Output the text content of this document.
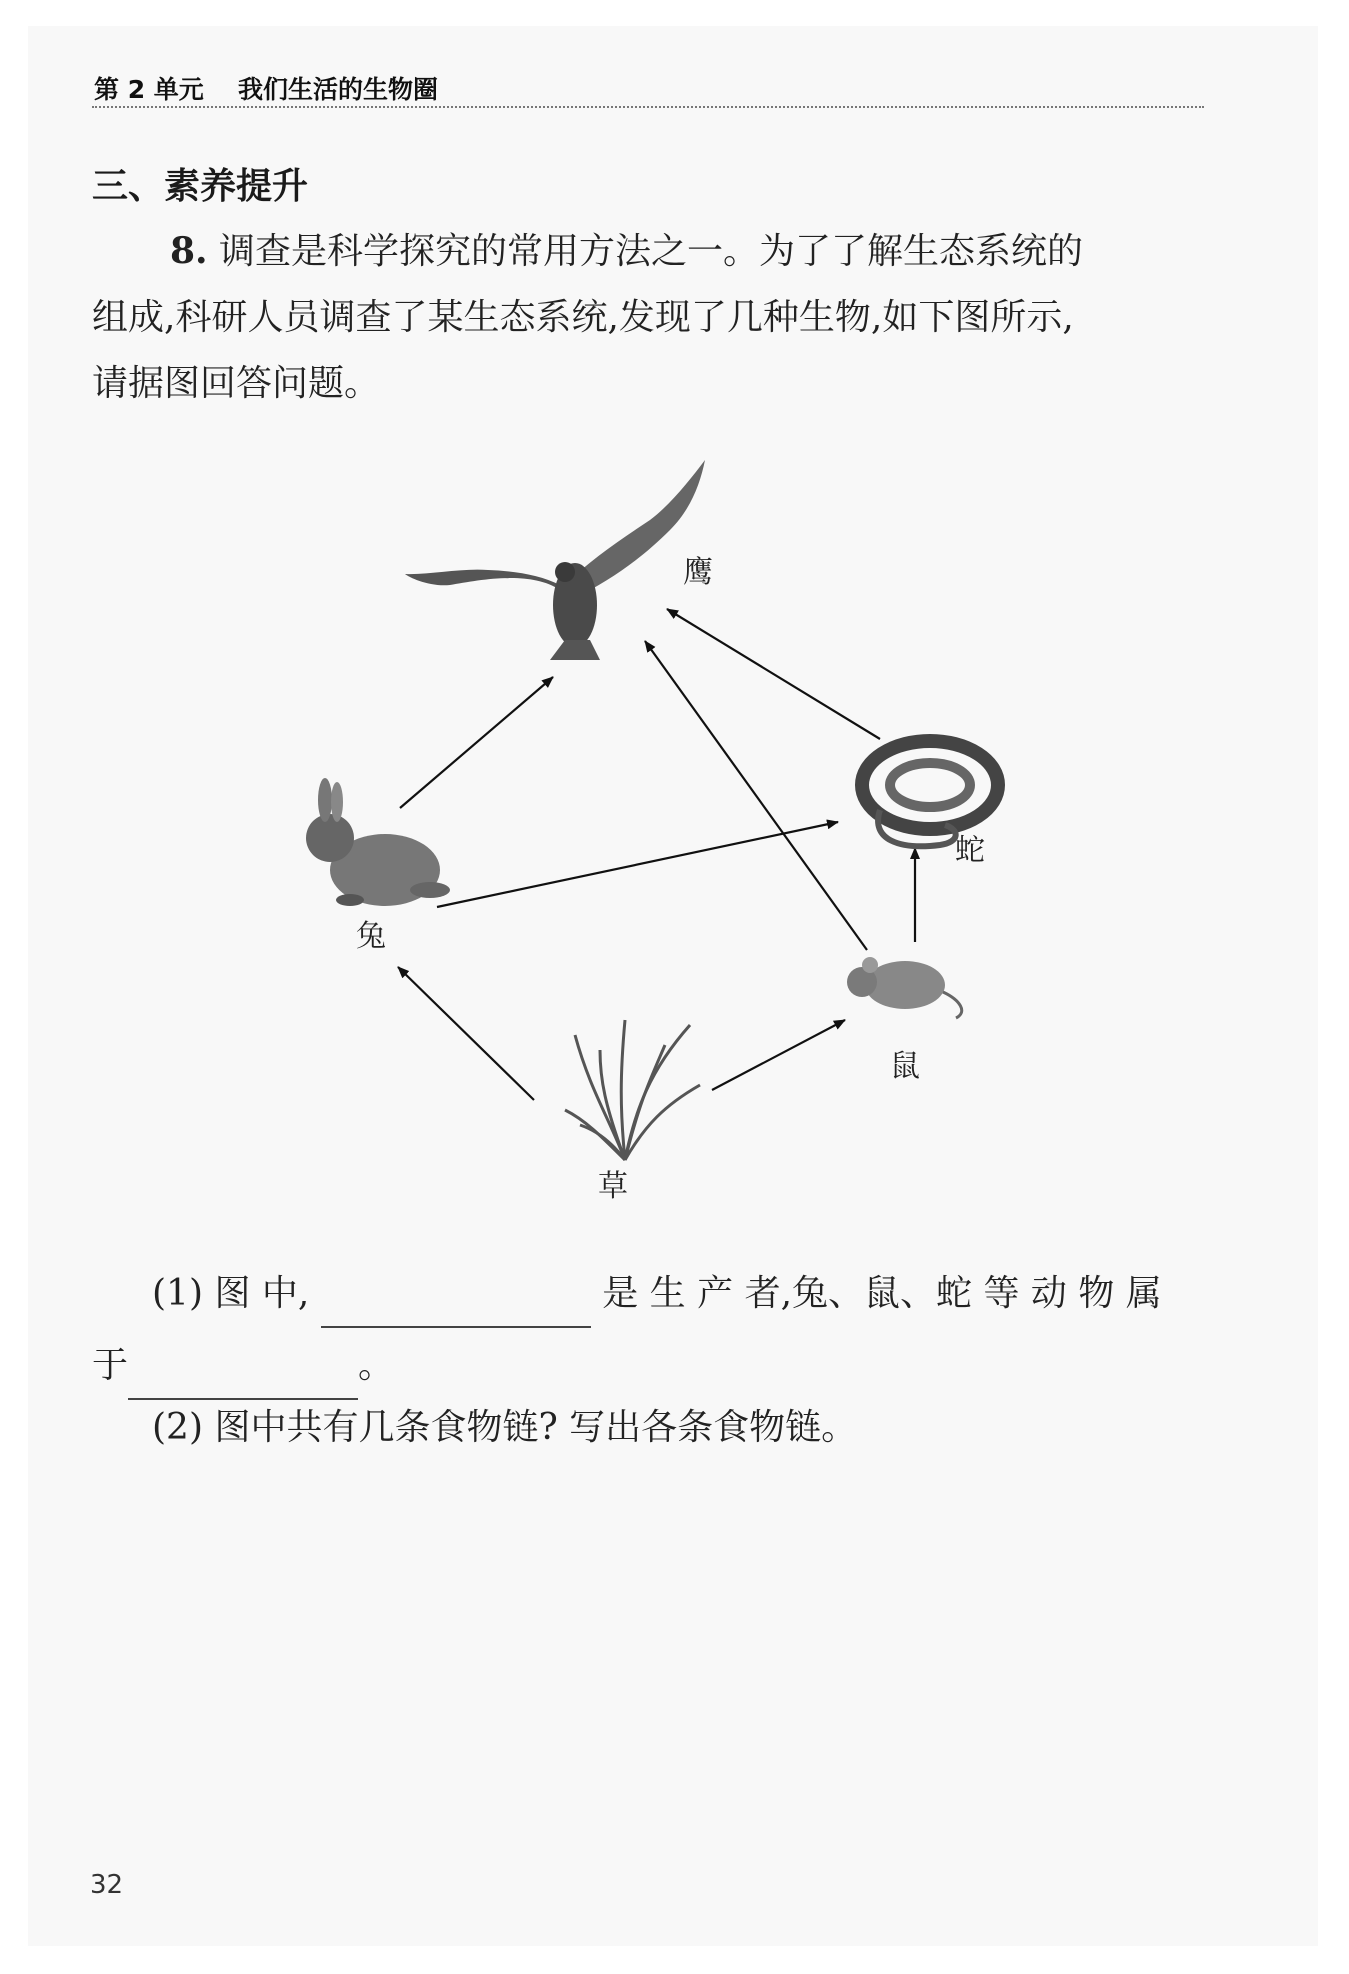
第 2 单元 我们生活的生物圈
三、素养提升
8. 调查是科学探究的常用方法之一。为了了解生态系统的
组成,科研人员调查了某生态系统,发现了几种生物,如下图所示,
请据图回答问题。
鹰
蛇
兔
鼠
草
(1) 图 中,	是 生 产 者,兔、鼠、蛇 等 动 物 属
于	。
(2) 图中共有几条食物链? 写出各条食物链。
32
